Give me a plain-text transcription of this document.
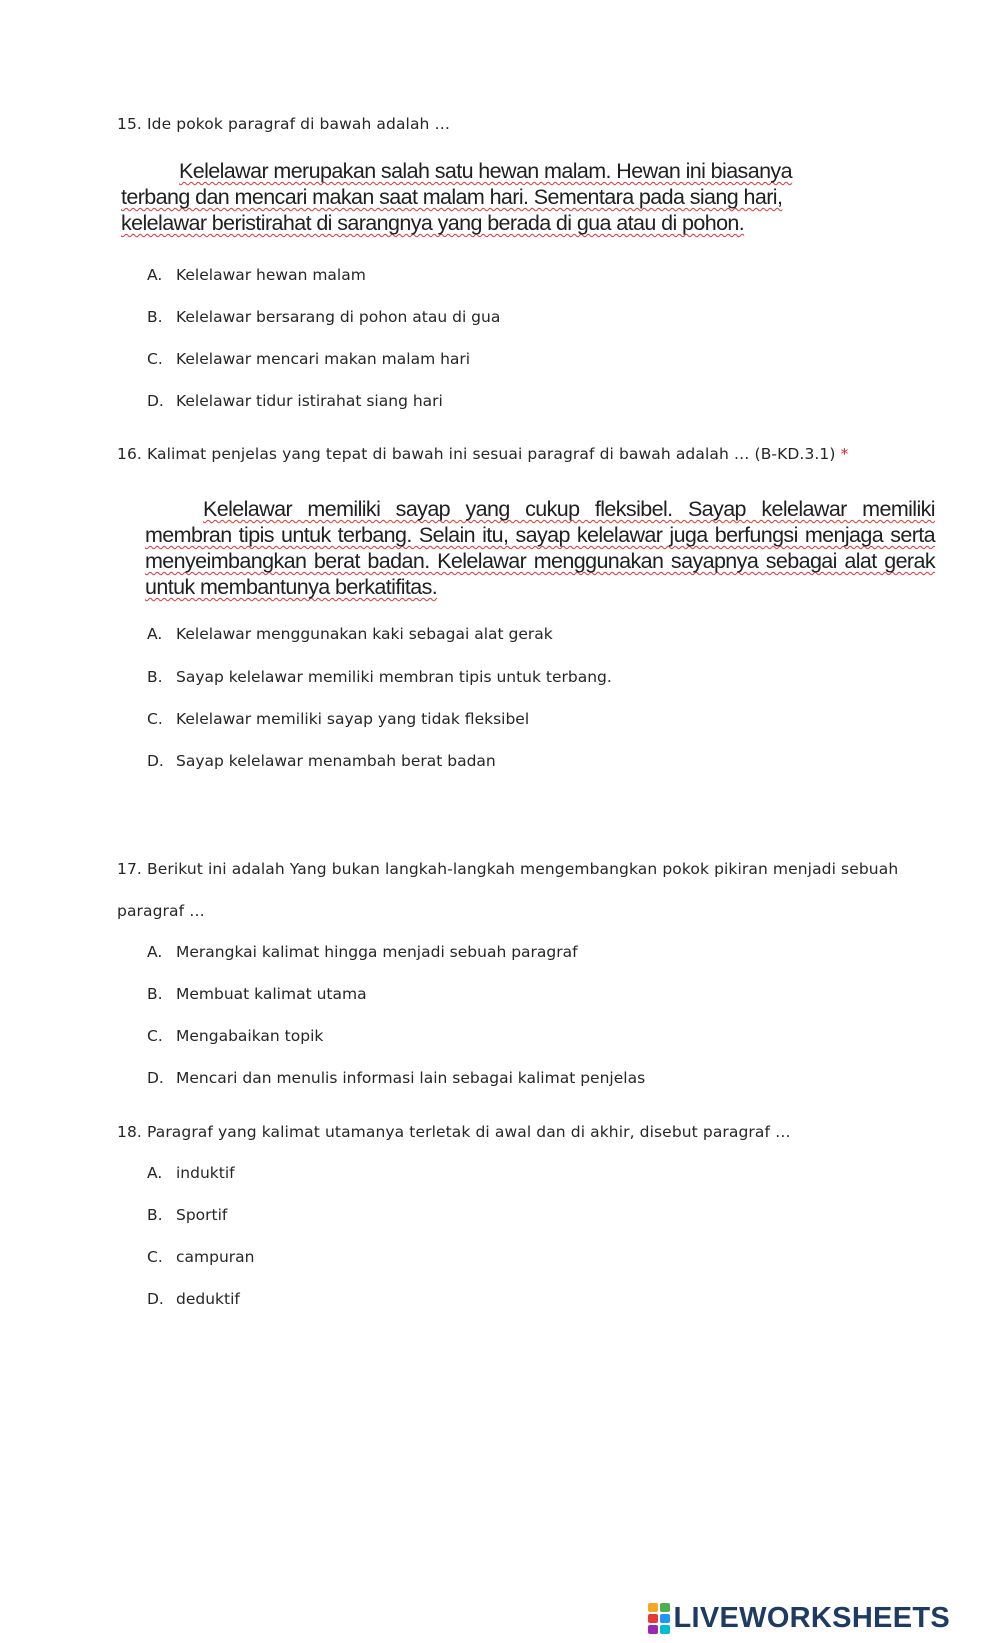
15. Ide pokok paragraf di bawah adalah …

Kelelawar merupakan salah satu hewan malam. Hewan ini biasanya terbang dan mencari makan saat malam hari. Sementara pada siang hari, kelelawar beristirahat di sarangnya yang berada di gua atau di pohon.

A. Kelelawar hewan malam
B. Kelelawar bersarang di pohon atau di gua
C. Kelelawar mencari makan malam hari
D. Kelelawar tidur istirahat siang hari

16. Kalimat penjelas yang tepat di bawah ini sesuai paragraf di bawah adalah … (B-KD.3.1) *

Kelelawar memiliki sayap yang cukup fleksibel. Sayap kelelawar memiliki membran tipis untuk terbang. Selain itu, sayap kelelawar juga berfungsi menjaga serta menyeimbangkan berat badan. Kelelawar menggunakan sayapnya sebagai alat gerak untuk membantunya berkatifitas.

A. Kelelawar menggunakan kaki sebagai alat gerak
B. Sayap kelelawar memiliki membran tipis untuk terbang.
C. Kelelawar memiliki sayap yang tidak fleksibel
D. Sayap kelelawar menambah berat badan

17. Berikut ini adalah Yang bukan langkah-langkah mengembangkan pokok pikiran menjadi sebuah

paragraf …

A. Merangkai kalimat hingga menjadi sebuah paragraf
B. Membuat kalimat utama
C. Mengabaikan topik
D. Mencari dan menulis informasi lain sebagai kalimat penjelas

18. Paragraf yang kalimat utamanya terletak di awal dan di akhir, disebut paragraf …

A. induktif
B. Sportif
C. campuran
D. deduktif
LIVEWORKSHEETS
